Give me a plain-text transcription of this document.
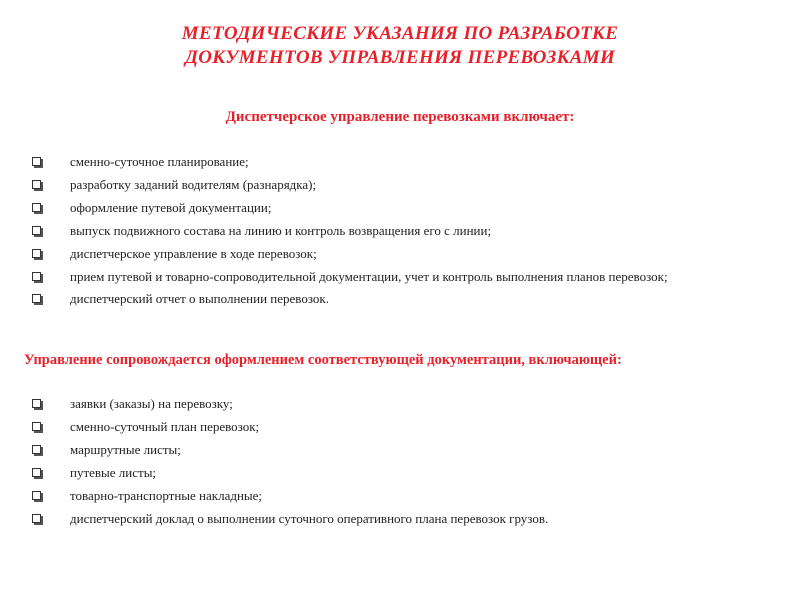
МЕТОДИЧЕСКИЕ УКАЗАНИЯ ПО РАЗРАБОТКЕ
ДОКУМЕНТОВ УПРАВЛЕНИЯ ПЕРЕВОЗКАМИ
Диспетчерское управление перевозками включает:
сменно-суточное планирование;
разработку заданий водителям (разнарядка);
оформление путевой документации;
выпуск подвижного состава на линию и контроль возвращения его с линии;
диспетчерское управление в ходе перевозок;
прием путевой и товарно-сопроводительной документации, учет и контроль выполнения планов перевозок;
диспетчерский отчет о выполнении перевозок.
Управление сопровождается оформлением соответствующей документации, включающей:
заявки (заказы) на перевозку;
сменно-суточный план перевозок;
маршрутные листы;
путевые листы;
товарно-транспортные накладные;
диспетчерский доклад о выполнении суточного оперативного плана перевозок грузов.
